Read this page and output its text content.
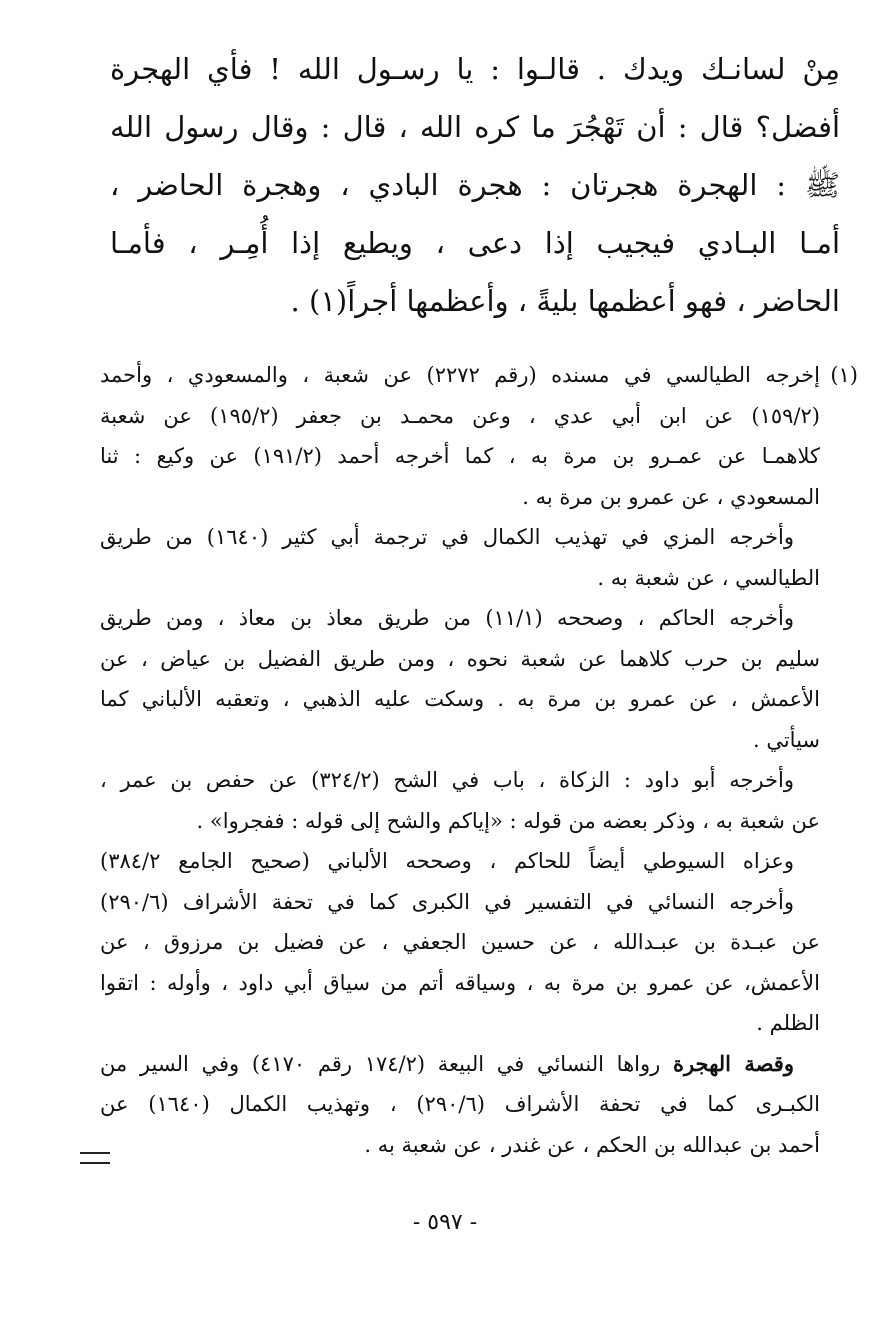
مِنْ لسانـك ويدك . قالـوا : يا رسـول الله ! فأي الهجرة
أفضل؟ قال : أن تَهْجُرَ ما كره الله ، قال : وقال رسول الله
ﷺ : الهجرة هجرتان : هجرة البادي ، وهجرة الحاضر ،
أمـا البـادي فيجيب إذا دعى ، ويطيع إذا أُمِـر ، فأمـا
الحاضر ، فهو أعظمها بليةً ، وأعظمها أجراً(١) .
(١)
إخرجه الطيالسي في مسنده (رقم ٢٢٧٢) عن شعبة ، والمسعودي ، وأحمد
(١٥٩/٢) عن ابن أبي عدي ، وعن محمـد بن جعفر (١٩٥/٢) عن شعبة
كلاهمـا عن عمـرو بن مرة به ، كما أخرجه أحمد (١٩١/٢) عن وكيع : ثنا
المسعودي ، عن عمرو بن مرة به .
وأخرجه المزي في تهذيب الكمال في ترجمة أبي كثير (١٦٤٠) من طريق
الطيالسي ، عن شعبة به .
وأخرجه الحاكم ، وصححه (١١/١) من طريق معاذ بن معاذ ، ومن طريق
سليم بن حرب كلاهما عن شعبة نحوه ، ومن طريق الفضيل بن عياض ، عن
الأعمش ، عن عمرو بن مرة به . وسكت عليه الذهبي ، وتعقبه الألباني كما
سيأتي .
وأخرجه أبو داود : الزكاة ، باب في الشح (٣٢٤/٢) عن حفص بن عمر ،
عن شعبة به ، وذكر بعضه من قوله : «إياكم والشح إلى قوله : ففجروا» .
وعزاه السيوطي أيضاً للحاكم ، وصححه الألباني (صحيح الجامع ٣٨٤/٢)
وأخرجه النسائي في التفسير في الكبرى كما في تحفة الأشراف (٢٩٠/٦)
عن عبـدة بن عبـدالله ، عن حسين الجعفي ، عن فضيل بن مرزوق ، عن
الأعمش، عن عمرو بن مرة به ، وسياقه أتم من سياق أبي داود ، وأوله : اتقوا
الظلم .
وقصة الهجرة رواها النسائي في البيعة (١٧٤/٢ رقم ٤١٧٠) وفي السير من
الكبـرى كما في تحفة الأشراف (٢٩٠/٦) ، وتهذيب الكمال (١٦٤٠) عن
أحمد بن عبدالله بن الحكم ، عن غندر ، عن شعبة به .
- ٥٩٧ -
